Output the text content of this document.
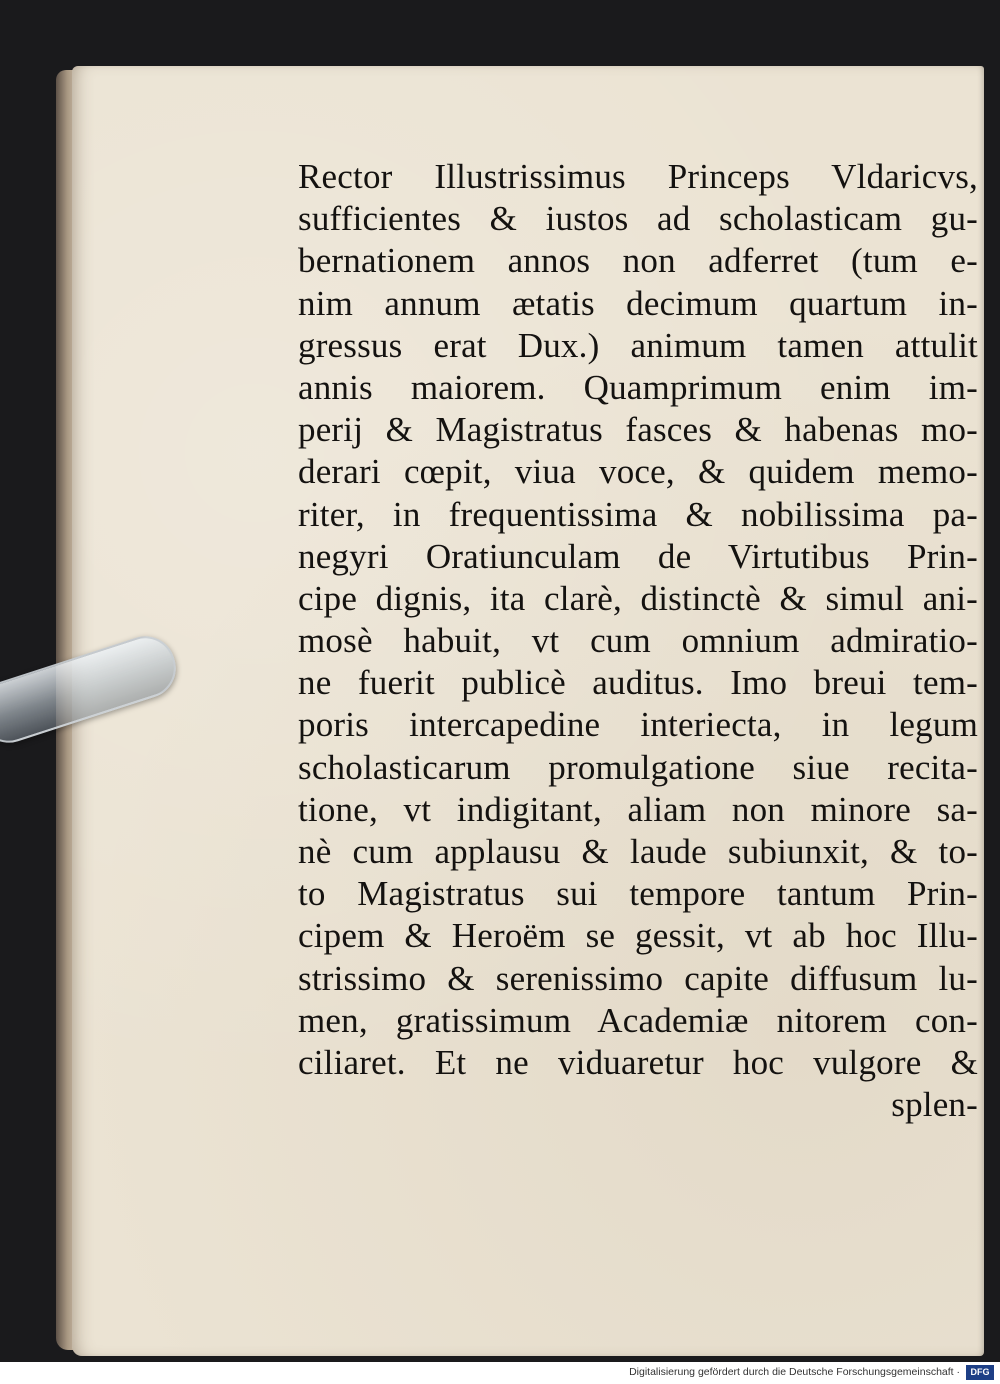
Rector Illustrissimus Princeps Vldaricvs,
sufficientes & iustos ad scholasticam gu-
bernationem annos non adferret (tum e-
nim annum ætatis decimum quartum in-
gressus erat Dux.) animum tamen attulit
annis maiorem. Quamprimum enim im-
perij & Magistratus fasces & habenas mo-
derari cœpit, viua voce, & quidem memo-
riter, in frequentissima & nobilissima pa-
negyri Oratiunculam de Virtutibus Prin-
cipe dignis, ita clarè, distinctè & simul ani-
mosè habuit, vt cum omnium admiratio-
ne fuerit publicè auditus. Imo breui tem-
poris intercapedine interiecta, in legum
scholasticarum promulgatione siue recita-
tione, vt indigitant, aliam non minore sa-
nè cum applausu & laude subiunxit, & to-
to Magistratus sui tempore tantum Prin-
cipem & Heroëm se gessit, vt ab hoc Illu-
strissimo & serenissimo capite diffusum lu-
men, gratissimum Academiæ nitorem con-
ciliaret. Et ne viduaretur hoc vulgore &
splen-
Digitalisierung gefördert durch die Deutsche Forschungsgemeinschaft ·	DFG
